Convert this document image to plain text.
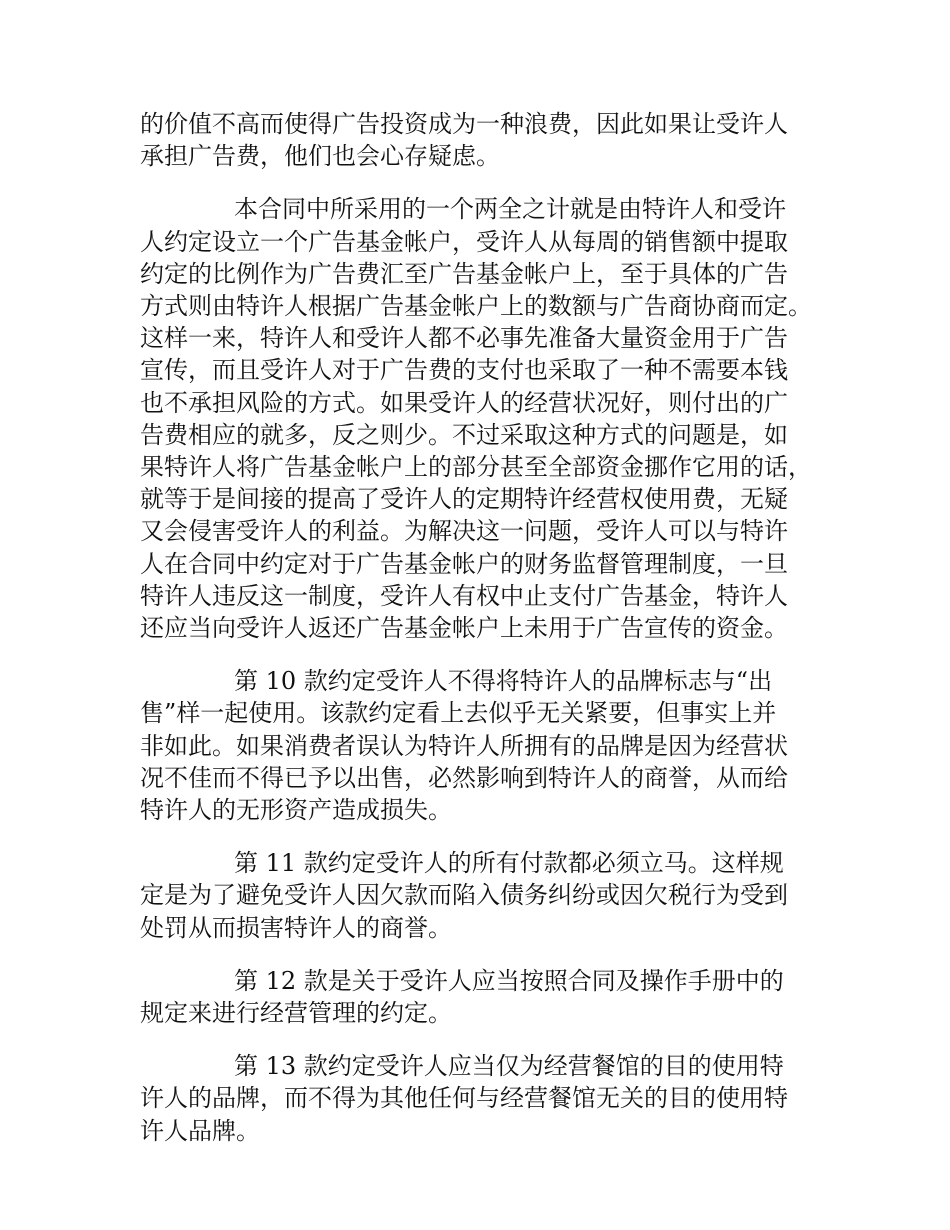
的价值不高而使得广告投资成为一种浪费，因此如果让受许人
承担广告费，他们也会心存疑虑。

本合同中所采用的一个两全之计就是由特许人和受许
人约定设立一个广告基金帐户，受许人从每周的销售额中提取
约定的比例作为广告费汇至广告基金帐户上，至于具体的广告
方式则由特许人根据广告基金帐户上的数额与广告商协商而定。
这样一来，特许人和受许人都不必事先准备大量资金用于广告
宣传，而且受许人对于广告费的支付也采取了一种不需要本钱
也不承担风险的方式。如果受许人的经营状况好，则付出的广
告费相应的就多，反之则少。不过采取这种方式的问题是，如
果特许人将广告基金帐户上的部分甚至全部资金挪作它用的话，
就等于是间接的提高了受许人的定期特许经营权使用费，无疑
又会侵害受许人的利益。为解决这一问题，受许人可以与特许
人在合同中约定对于广告基金帐户的财务监督管理制度，一旦
特许人违反这一制度，受许人有权中止支付广告基金，特许人
还应当向受许人返还广告基金帐户上未用于广告宣传的资金。

第 10 款约定受许人不得将特许人的品牌标志与“出
售”样一起使用。该款约定看上去似乎无关紧要，但事实上并
非如此。如果消费者误认为特许人所拥有的品牌是因为经营状
况不佳而不得已予以出售，必然影响到特许人的商誉，从而给
特许人的无形资产造成损失。

第 11 款约定受许人的所有付款都必须立马。这样规
定是为了避免受许人因欠款而陷入债务纠纷或因欠税行为受到
处罚从而损害特许人的商誉。

第 12 款是关于受许人应当按照合同及操作手册中的
规定来进行经营管理的约定。

第 13 款约定受许人应当仅为经营餐馆的目的使用特
许人的品牌，而不得为其他任何与经营餐馆无关的目的使用特
许人品牌。
